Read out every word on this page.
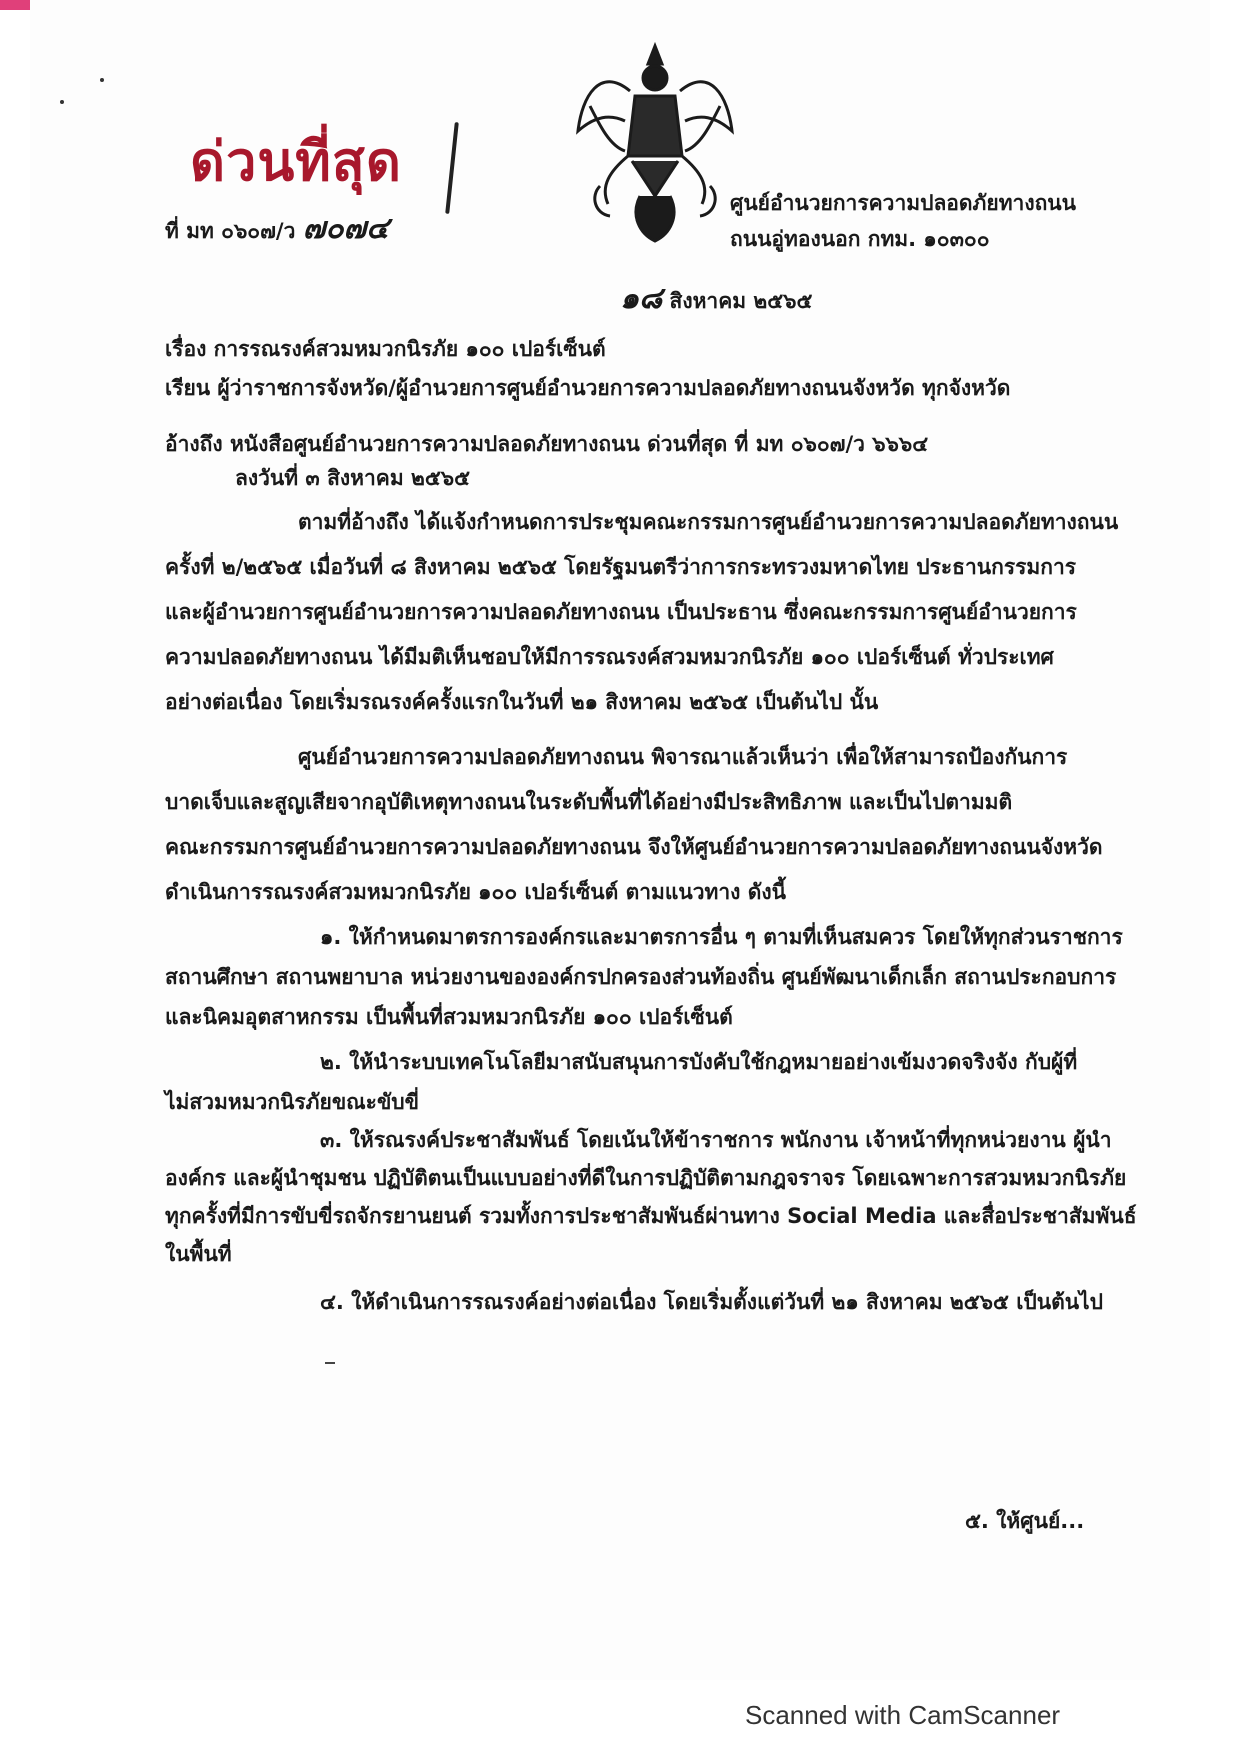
ด่วนที่สุด
ที่ มท ๐๖๐๗/ว ๗๐๗๔
ศูนย์อำนวยการความปลอดภัยทางถนน
ถนนอู่ทองนอก กทม. ๑๐๓๐๐
๑๘ สิงหาคม ๒๕๖๕
เรื่อง การรณรงค์สวมหมวกนิรภัย ๑๐๐ เปอร์เซ็นต์
เรียน ผู้ว่าราชการจังหวัด/ผู้อำนวยการศูนย์อำนวยการความปลอดภัยทางถนนจังหวัด ทุกจังหวัด
อ้างถึง หนังสือศูนย์อำนวยการความปลอดภัยทางถนน ด่วนที่สุด ที่ มท ๐๖๐๗/ว ๖๖๖๔
ลงวันที่ ๓ สิงหาคม ๒๕๖๕
ตามที่อ้างถึง ได้แจ้งกำหนดการประชุมคณะกรรมการศูนย์อำนวยการความปลอดภัยทางถนน
ครั้งที่ ๒/๒๕๖๕ เมื่อวันที่ ๘ สิงหาคม ๒๕๖๕ โดยรัฐมนตรีว่าการกระทรวงมหาดไทย ประธานกรรมการ
และผู้อำนวยการศูนย์อำนวยการความปลอดภัยทางถนน เป็นประธาน ซึ่งคณะกรรมการศูนย์อำนวยการ
ความปลอดภัยทางถนน ได้มีมติเห็นชอบให้มีการรณรงค์สวมหมวกนิรภัย ๑๐๐ เปอร์เซ็นต์ ทั่วประเทศ
อย่างต่อเนื่อง โดยเริ่มรณรงค์ครั้งแรกในวันที่ ๒๑ สิงหาคม ๒๕๖๕ เป็นต้นไป นั้น
ศูนย์อำนวยการความปลอดภัยทางถนน พิจารณาแล้วเห็นว่า เพื่อให้สามารถป้องกันการ
บาดเจ็บและสูญเสียจากอุบัติเหตุทางถนนในระดับพื้นที่ได้อย่างมีประสิทธิภาพ และเป็นไปตามมติ
คณะกรรมการศูนย์อำนวยการความปลอดภัยทางถนน จึงให้ศูนย์อำนวยการความปลอดภัยทางถนนจังหวัด
ดำเนินการรณรงค์สวมหมวกนิรภัย ๑๐๐ เปอร์เซ็นต์ ตามแนวทาง ดังนี้
๑. ให้กำหนดมาตรการองค์กรและมาตรการอื่น ๆ ตามที่เห็นสมควร โดยให้ทุกส่วนราชการ
สถานศึกษา สถานพยาบาล หน่วยงานขององค์กรปกครองส่วนท้องถิ่น ศูนย์พัฒนาเด็กเล็ก สถานประกอบการ
และนิคมอุตสาหกรรม เป็นพื้นที่สวมหมวกนิรภัย ๑๐๐ เปอร์เซ็นต์
๒. ให้นำระบบเทคโนโลยีมาสนับสนุนการบังคับใช้กฎหมายอย่างเข้มงวดจริงจัง กับผู้ที่
ไม่สวมหมวกนิรภัยขณะขับขี่
๓. ให้รณรงค์ประชาสัมพันธ์ โดยเน้นให้ข้าราชการ พนักงาน เจ้าหน้าที่ทุกหน่วยงาน ผู้นำ
องค์กร และผู้นำชุมชน ปฏิบัติตนเป็นแบบอย่างที่ดีในการปฏิบัติตามกฎจราจร โดยเฉพาะการสวมหมวกนิรภัย
ทุกครั้งที่มีการขับขี่รถจักรยานยนต์ รวมทั้งการประชาสัมพันธ์ผ่านทาง Social Media และสื่อประชาสัมพันธ์
ในพื้นที่
๔. ให้ดำเนินการรณรงค์อย่างต่อเนื่อง โดยเริ่มตั้งแต่วันที่ ๒๑ สิงหาคม ๒๕๖๕ เป็นต้นไป
๕. ให้ศูนย์...
Scanned with CamScanner
